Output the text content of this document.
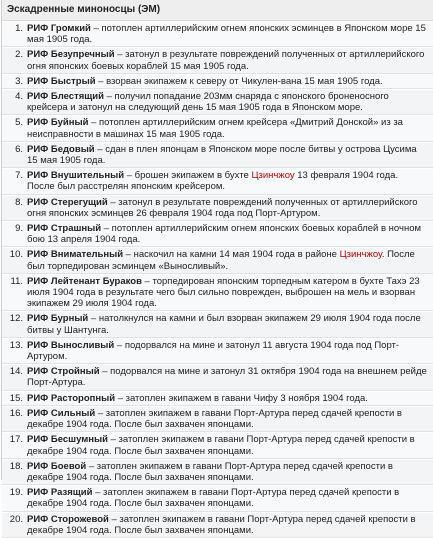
Эскадренные миноносцы (ЭМ)
1. РИФ Громкий – потоплен артиллерийским огнем японских эсминцев в Японском море 15 мая 1905 года.
2. РИФ Безупречный – затонул в результате повреждений полученных от артиллерийского огня японских боевых кораблей 15 мая 1905 года.
3. РИФ Быстрый – взорван экипажем к северу от Чикулен-вана 15 мая 1905 года.
4. РИФ Блестящий – получил попадание 203мм снаряда с японского броненосного крейсера и затонул на следующий день 15 мая 1905 года в Японском море.
5. РИФ Буйный – потоплен артиллерийским огнем крейсера «Дмитрий Донской» из за неисправности в машинах 15 мая 1905 года.
6. РИФ Бедовый – сдан в плен японцам в Японском море после битвы у острова Цусима 15 мая 1905 года.
7. РИФ Внушительный – брошен экипажем в бухте Цзинчжоу 13 февраля 1904 года. После был расстрелян японским крейсером.
8. РИФ Стерегущий – затонул в результате повреждений полученных от артиллерийского огня японских эсминцев 26 февраля 1904 года под Порт-Артуром.
9. РИФ Страшный – потоплен артиллерийским огнем японских боевых кораблей в ночном бою 13 апреля 1904 года.
10. РИФ Внимательный – наскочил на камни 14 мая 1904 года в районе Цзинчжоу. После был торпедирован эсминцем «Выносливый».
11. РИФ Лейтенант Бураков – торпедирован японским торпедным катером в бухте Тахэ 23 июля 1904 года в результате чего был сильно поврежден, выброшен на мель и взорван экипажем 29 июля 1904 года.
12. РИФ Бурный – натолкнулся на камни и был взорван экипажем 29 июля 1904 года после битвы у Шантунга.
13. РИФ Выносливый – подорвался на мине и затонул 11 августа 1904 года под Порт-Артуром.
14. РИФ Стройный – подорвался на мине и затонул 31 октября 1904 года на внешнем рейде Порт-Артура.
15. РИФ Расторопный – затоплен экипажем в гавани Чифу 3 ноября 1904 года.
16. РИФ Сильный – затоплен экипажем в гавани Порт-Артура перед сдачей крепости в декабре 1904 года. После был захвачен японцами.
17. РИФ Бесшумный – затоплен экипажем в гавани Порт-Артура перед сдачей крепости в декабре 1904 года. После был захвачен японцами.
18. РИФ Боевой – затоплен экипажем в гавани Порт-Артура перед сдачей крепости в декабре 1904 года. После был захвачен японцами.
19. РИФ Разящий – затоплен экипажем в гавани Порт-Артура перед сдачей крепости в декабре 1904 года. После был захвачен японцами.
20. РИФ Сторожевой – затоплен экипажем в гавани Порт-Артура перед сдачей крепости в декабре 1904 года. После был захвачен японцами.
